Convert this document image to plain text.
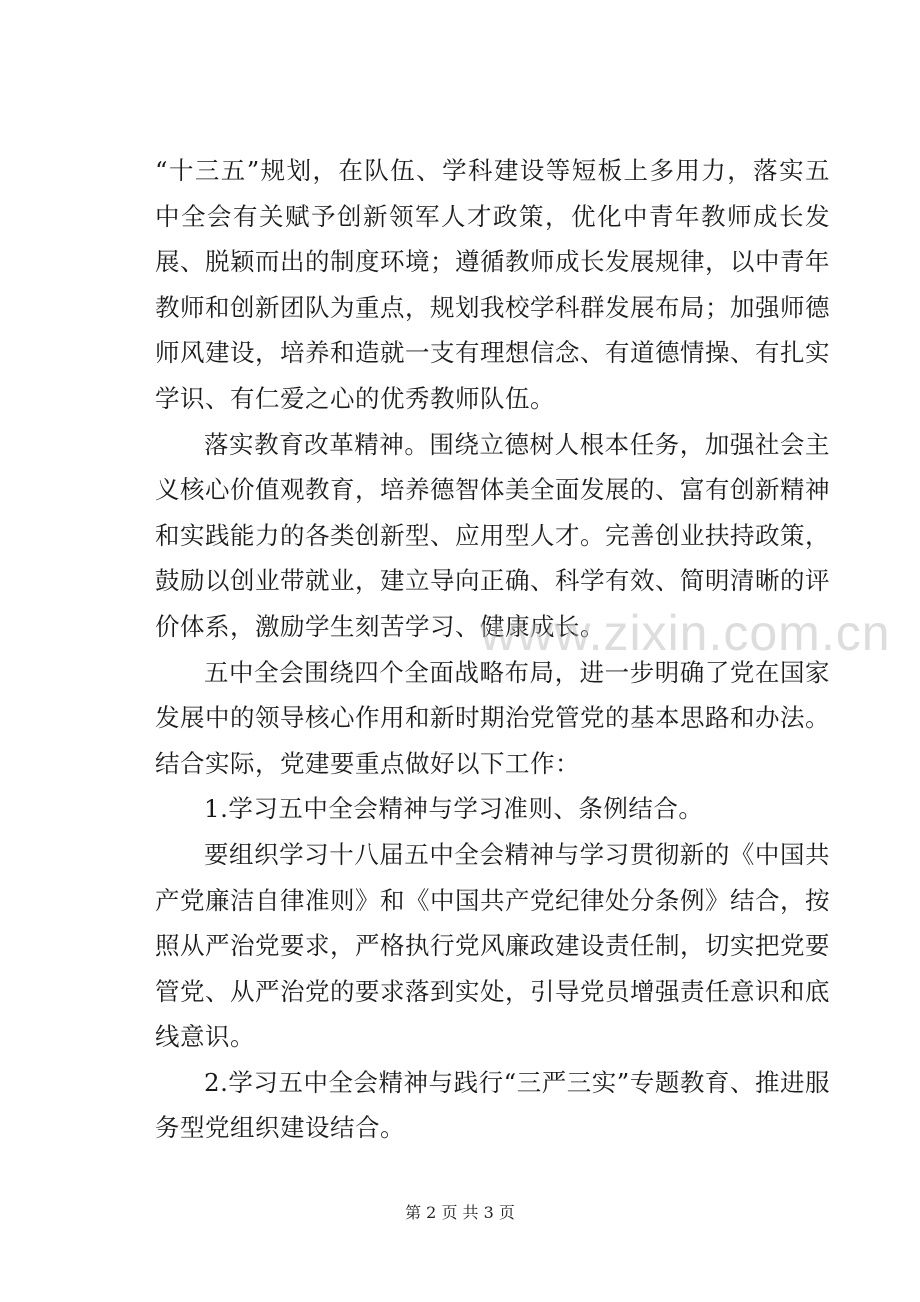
“十三五”规划，在队伍、学科建设等短板上多用力，落实五中全会有关赋予创新领军人才政策，优化中青年教师成长发展、脱颖而出的制度环境；遵循教师成长发展规律，以中青年教师和创新团队为重点，规划我校学科群发展布局；加强师德师风建设，培养和造就一支有理想信念、有道德情操、有扎实学识、有仁爱之心的优秀教师队伍。

落实教育改革精神。围绕立德树人根本任务，加强社会主义核心价值观教育，培养德智体美全面发展的、富有创新精神和实践能力的各类创新型、应用型人才。完善创业扶持政策，鼓励以创业带就业，建立导向正确、科学有效、简明清晰的评价体系，激励学生刻苦学习、健康成长。

五中全会围绕四个全面战略布局，进一步明确了党在国家发展中的领导核心作用和新时期治党管党的基本思路和办法。结合实际，党建要重点做好以下工作：

1.学习五中全会精神与学习准则、条例结合。

要组织学习十八届五中全会精神与学习贯彻新的《中国共产党廉洁自律准则》和《中国共产党纪律处分条例》结合，按照从严治党要求，严格执行党风廉政建设责任制，切实把党要管党、从严治党的要求落到实处，引导党员增强责任意识和底线意识。

2.学习五中全会精神与践行“三严三实”专题教育、推进服务型党组织建设结合。

www.zixin.com.cn
第 2 页 共 3 页
